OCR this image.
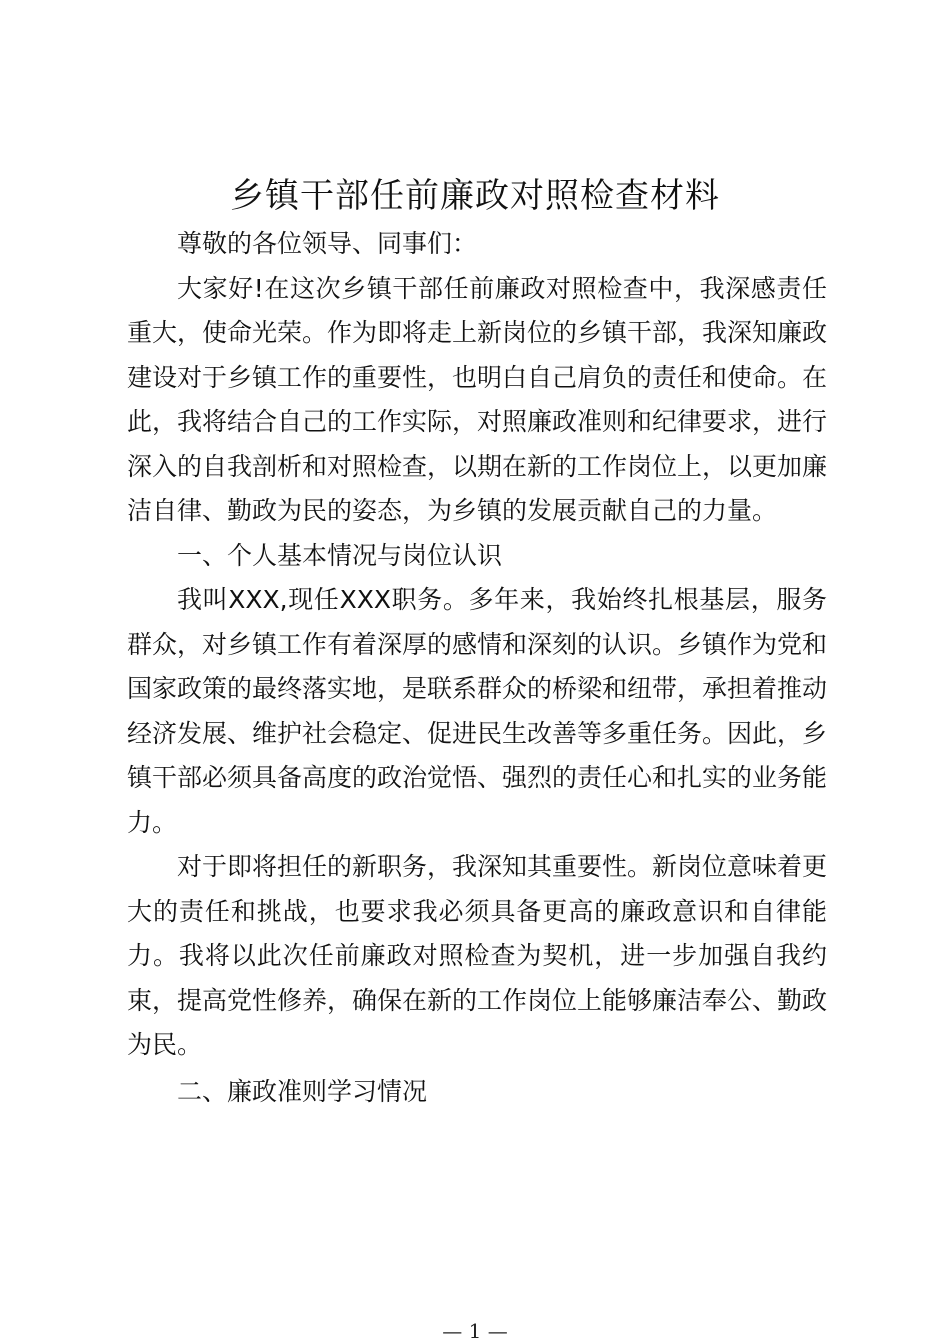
乡镇干部任前廉政对照检查材料

尊敬的各位领导、同事们：

大家好!在这次乡镇干部任前廉政对照检查中，我深感责任重大，使命光荣。作为即将走上新岗位的乡镇干部，我深知廉政建设对于乡镇工作的重要性，也明白自己肩负的责任和使命。在此，我将结合自己的工作实际，对照廉政准则和纪律要求，进行深入的自我剖析和对照检查，以期在新的工作岗位上，以更加廉洁自律、勤政为民的姿态，为乡镇的发展贡献自己的力量。

一、个人基本情况与岗位认识

我叫XXX,现任XXX职务。多年来，我始终扎根基层，服务群众，对乡镇工作有着深厚的感情和深刻的认识。乡镇作为党和国家政策的最终落实地，是联系群众的桥梁和纽带，承担着推动经济发展、维护社会稳定、促进民生改善等多重任务。因此，乡镇干部必须具备高度的政治觉悟、强烈的责任心和扎实的业务能力。

对于即将担任的新职务，我深知其重要性。新岗位意味着更大的责任和挑战，也要求我必须具备更高的廉政意识和自律能力。我将以此次任前廉政对照检查为契机，进一步加强自我约束，提高党性修养，确保在新的工作岗位上能够廉洁奉公、勤政为民。

二、廉政准则学习情况

— 1 —
